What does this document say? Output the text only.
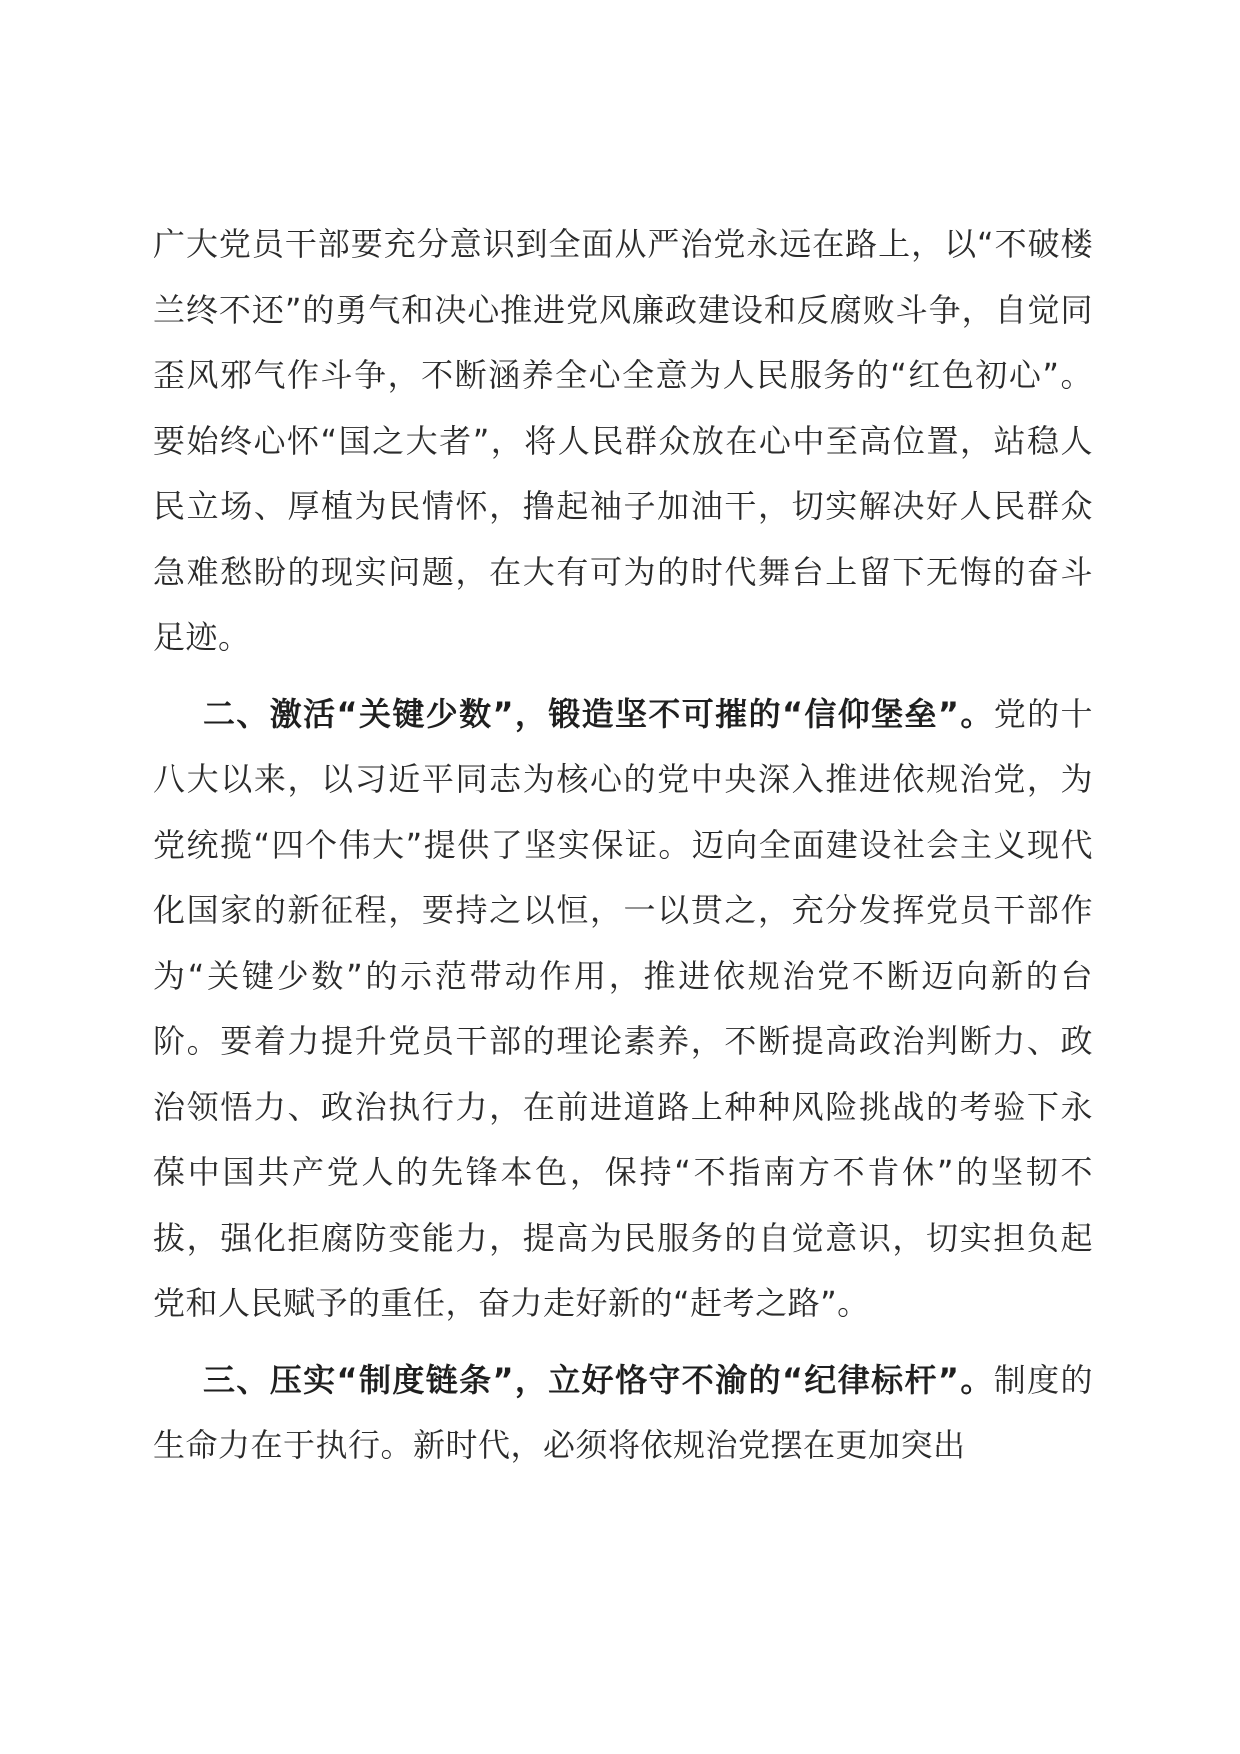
广大党员干部要充分意识到全面从严治党永远在路上，以“不破楼兰终不还”的勇气和决心推进党风廉政建设和反腐败斗争，自觉同歪风邪气作斗争，不断涵养全心全意为人民服务的“红色初心”。要始终心怀“国之大者”，将人民群众放在心中至高位置，站稳人民立场、厚植为民情怀，撸起袖子加油干，切实解决好人民群众急难愁盼的现实问题，在大有可为的时代舞台上留下无悔的奋斗足迹。

二、激活“关键少数”，锻造坚不可摧的“信仰堡垒”。党的十八大以来，以习近平同志为核心的党中央深入推进依规治党，为党统揽“四个伟大”提供了坚实保证。迈向全面建设社会主义现代化国家的新征程，要持之以恒，一以贯之，充分发挥党员干部作为“关键少数”的示范带动作用，推进依规治党不断迈向新的台阶。要着力提升党员干部的理论素养，不断提高政治判断力、政治领悟力、政治执行力，在前进道路上种种风险挑战的考验下永葆中国共产党人的先锋本色，保持“不指南方不肯休”的坚韧不拔，强化拒腐防变能力，提高为民服务的自觉意识，切实担负起党和人民赋予的重任，奋力走好新的“赶考之路”。

三、压实“制度链条”，立好恪守不渝的“纪律标杆”。制度的生命力在于执行。新时代，必须将依规治党摆在更加突出
